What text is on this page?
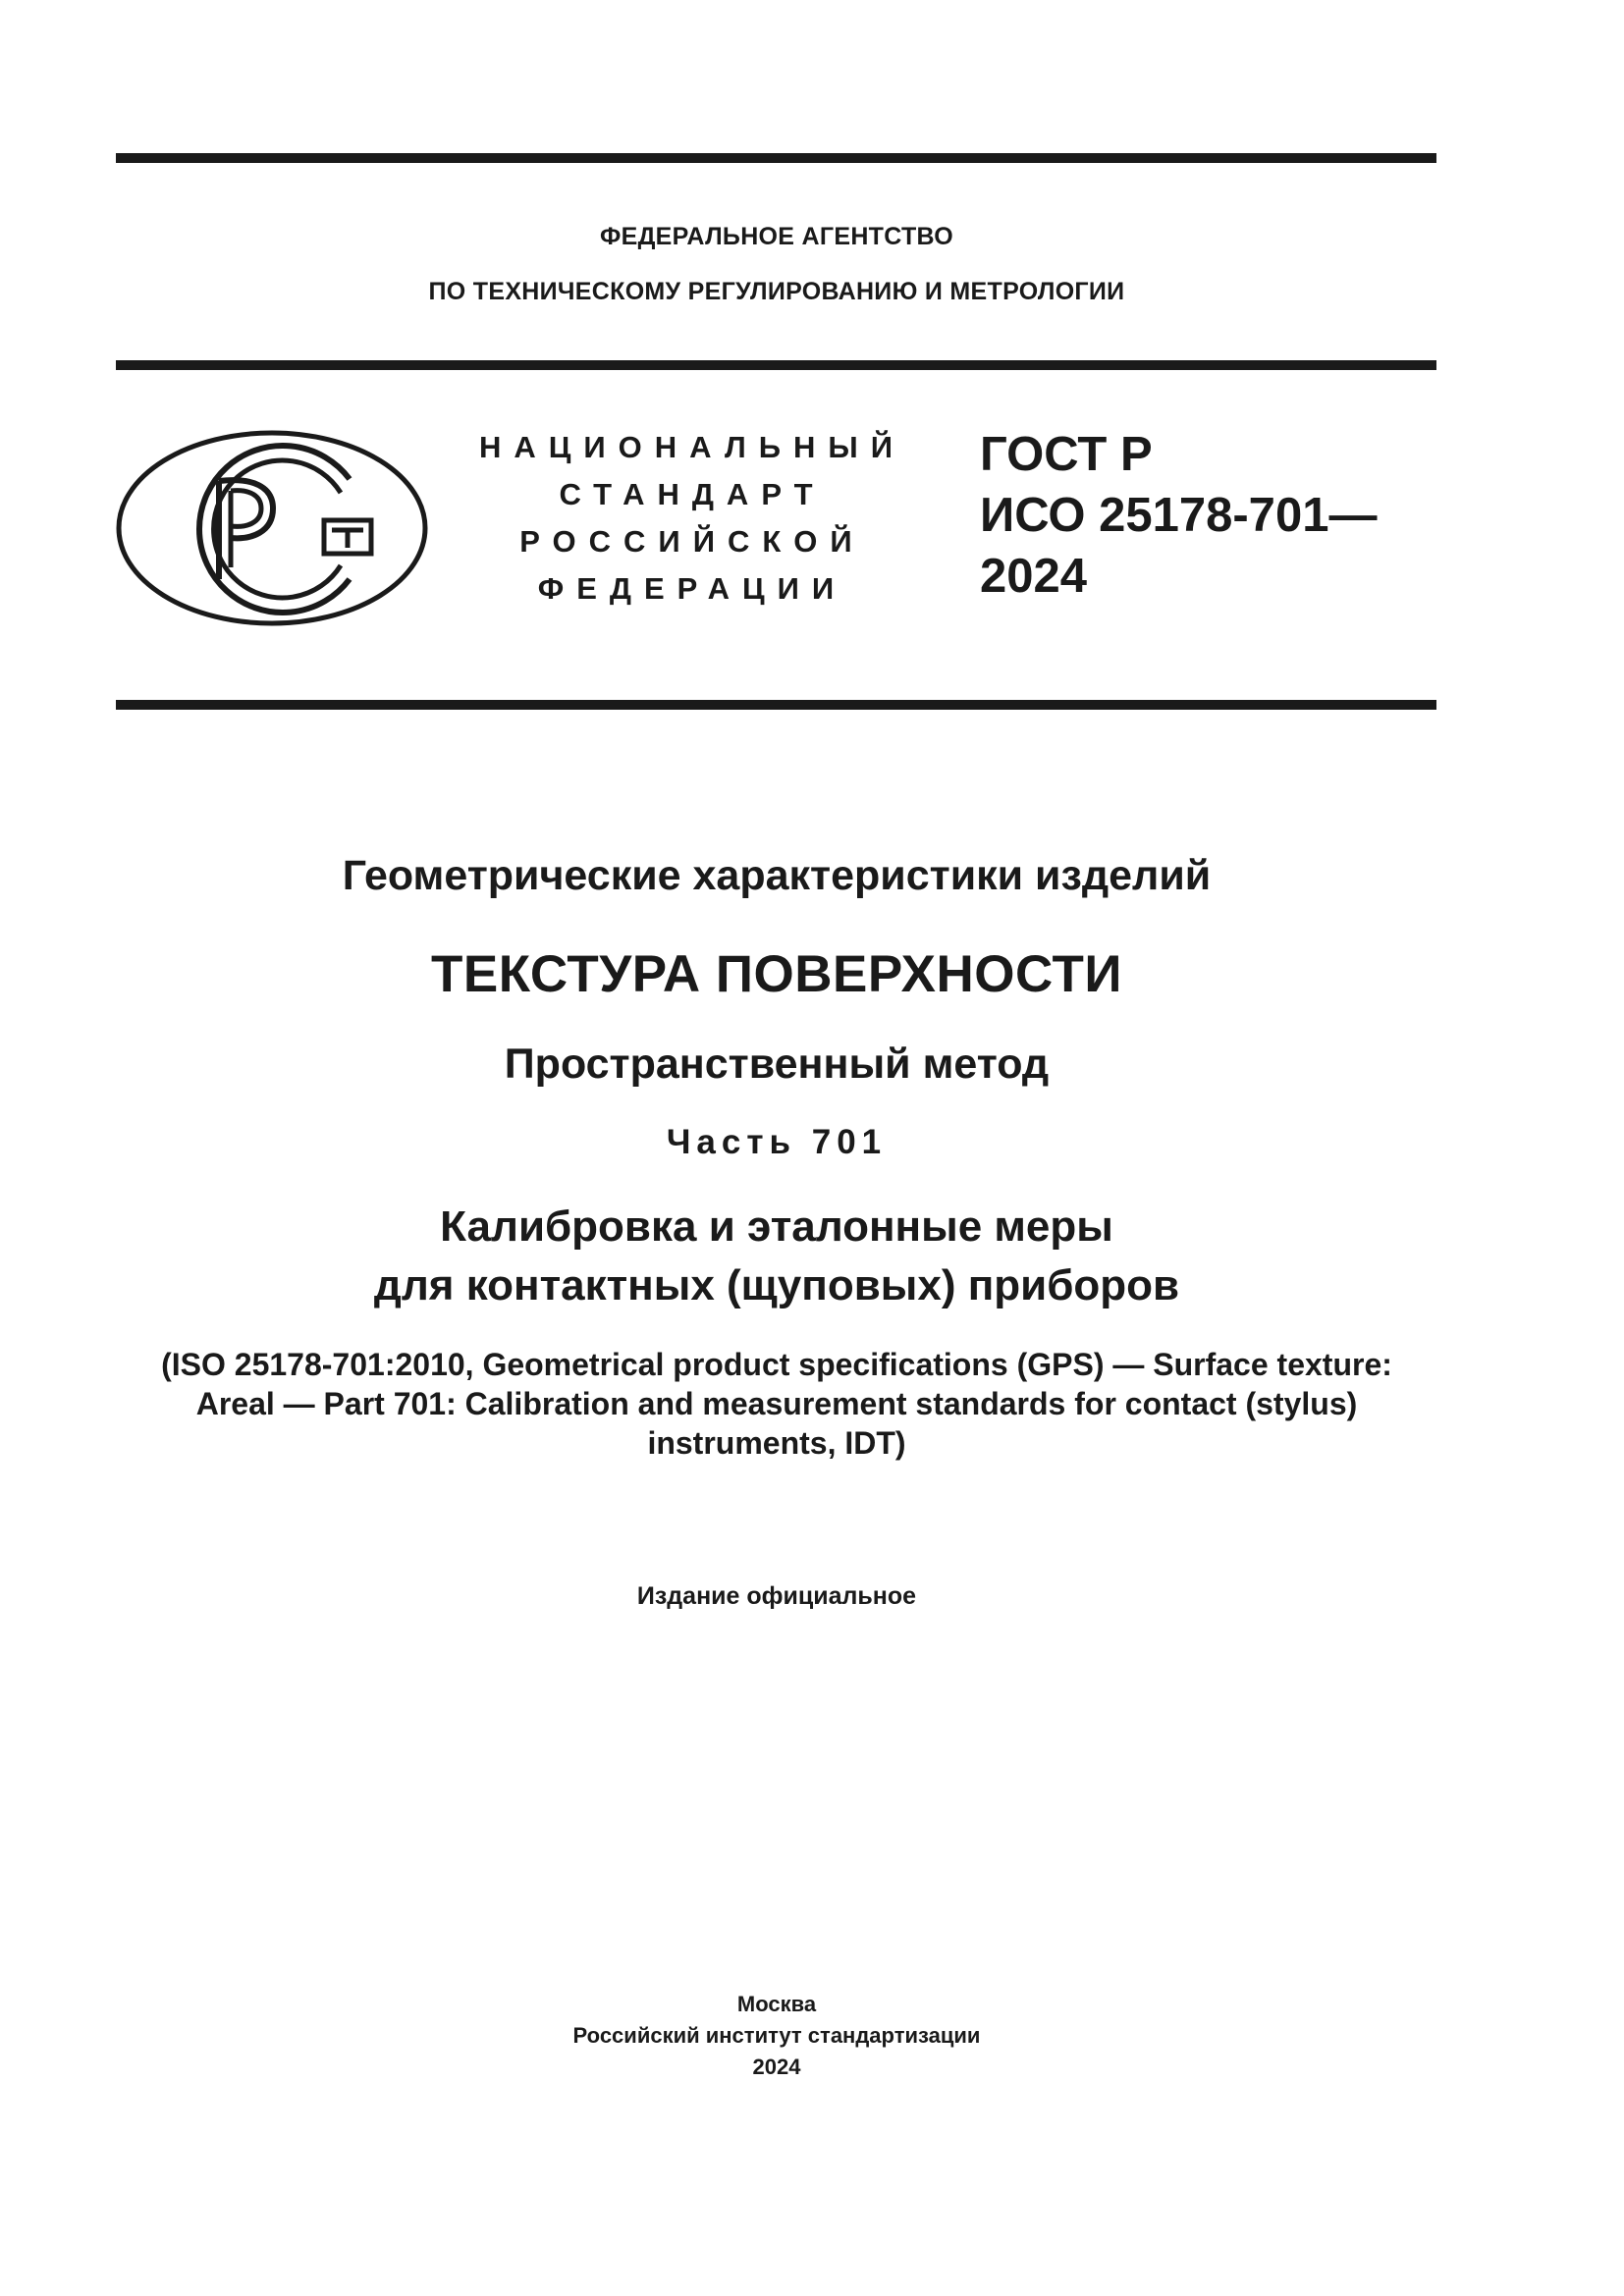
ФЕДЕРАЛЬНОЕ АГЕНТСТВО
ПО ТЕХНИЧЕСКОМУ РЕГУЛИРОВАНИЮ И МЕТРОЛОГИИ
НАЦИОНАЛЬНЫЙ
СТАНДАРТ
РОССИЙСКОЙ
ФЕДЕРАЦИИ
ГОСТ Р
ИСО 25178-701—
2024
Геометрические характеристики изделий
ТЕКСТУРА ПОВЕРХНОСТИ
Пространственный метод
Часть 701
Калибровка и эталонные меры
для контактных (щуповых) приборов
(ISO 25178-701:2010, Geometrical product specifications (GPS) — Surface texture:
Areal — Part 701: Calibration and measurement standards for contact (stylus)
instruments, IDT)
Издание официальное
Москва
Российский институт стандартизации
2024
